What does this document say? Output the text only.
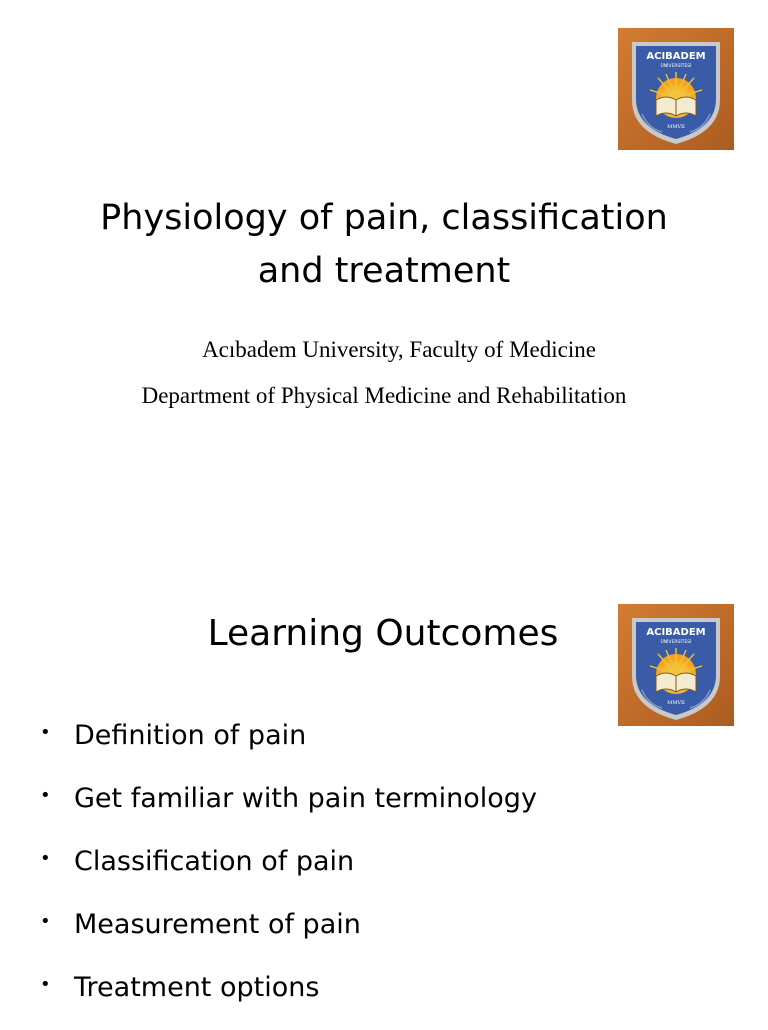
ACIBADEM
ÜNİVERSİTESİ
MMVII
Physiology of pain, classification
and treatment

Acıbadem University, Faculty of Medicine

Department of Physical Medicine and Rehabilitation

Learning Outcomes	ACIBADEM
ÜNİVERSİTESİ
MMVII
• Definition of pain
• Get familiar with pain terminology
• Classification of pain
• Measurement of pain
• Treatment options
